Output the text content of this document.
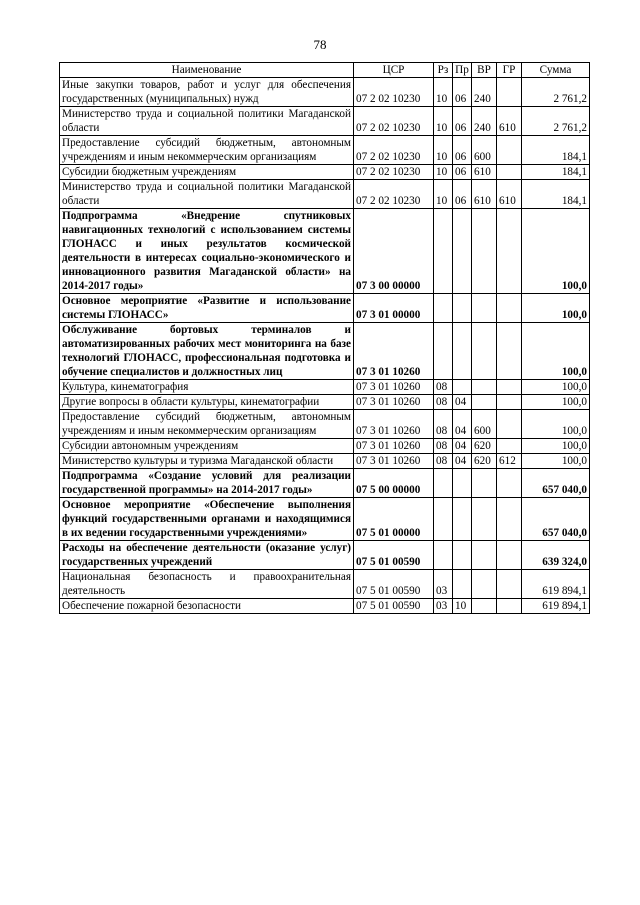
78
Наименование	ЦСР	Рз	Пр	ВР	ГР	Сумма
Иные закупки товаров, работ и услуг для обеспечения государственных (муниципальных) нужд	07 2 02 10230	10	06	240		2 761,2
Министерство труда и социальной политики Магаданской области	07 2 02 10230	10	06	240	610	2 761,2
Предоставление субсидий бюджетным, автономным учреждениям и иным некоммерческим организациям	07 2 02 10230	10	06	600		184,1
Субсидии бюджетным учреждениям	07 2 02 10230	10	06	610		184,1
Министерство труда и социальной политики Магаданской области	07 2 02 10230	10	06	610	610	184,1
Подпрограмма «Внедрение спутниковых навигационных технологий с использованием системы ГЛОНАСС и иных результатов космической деятельности в интересах социально-экономического и инновационного развития Магаданской области» на 2014-2017 годы»	07 3 00 00000					100,0
Основное мероприятие «Развитие и использование системы ГЛОНАСС»	07 3 01 00000					100,0
Обслуживание бортовых терминалов и автоматизированных рабочих мест мониторинга на базе технологий ГЛОНАСС, профессиональная подготовка и обучение специалистов и должностных лиц	07 3 01 10260					100,0
Культура, кинематография	07 3 01 10260	08				100,0
Другие вопросы в области культуры, кинематографии	07 3 01 10260	08	04			100,0
Предоставление субсидий бюджетным, автономным учреждениям и иным некоммерческим организациям	07 3 01 10260	08	04	600		100,0
Субсидии автономным учреждениям	07 3 01 10260	08	04	620		100,0
Министерство культуры и туризма Магаданской области	07 3 01 10260	08	04	620	612	100,0
Подпрограмма «Создание условий для реализации государственной программы» на 2014-2017 годы»	07 5 00 00000					657 040,0
Основное мероприятие «Обеспечение выполнения функций государственными органами и находящимися в их ведении государственными учреждениями»	07 5 01 00000					657 040,0
Расходы на обеспечение деятельности (оказание услуг) государственных учреждений	07 5 01 00590					639 324,0
Национальная безопасность и правоохранительная деятельность	07 5 01 00590	03				619 894,1
Обеспечение пожарной безопасности	07 5 01 00590	03	10			619 894,1
